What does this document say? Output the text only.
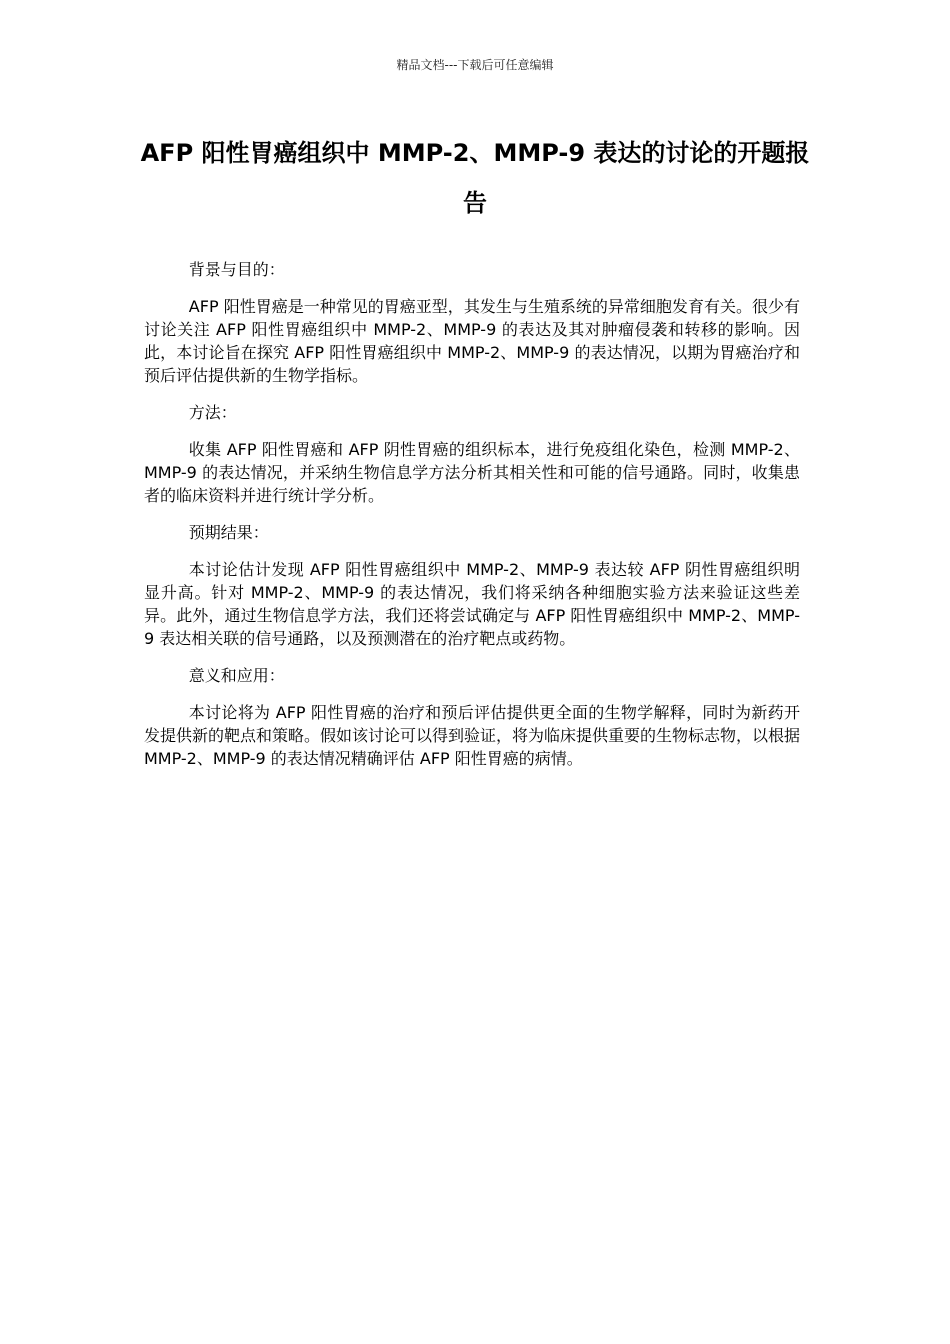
精品文档---下载后可任意编辑
AFP 阳性胃癌组织中 MMP-2、MMP-9 表达的讨论的开题报告

背景与目的：

AFP 阳性胃癌是一种常见的胃癌亚型，其发生与生殖系统的异常细胞发育有关。很少有讨论关注 AFP 阳性胃癌组织中 MMP-2、MMP-9 的表达及其对肿瘤侵袭和转移的影响。因此，本讨论旨在探究 AFP 阳性胃癌组织中 MMP-2、MMP-9 的表达情况，以期为胃癌治疗和预后评估提供新的生物学指标。

方法：

收集 AFP 阳性胃癌和 AFP 阴性胃癌的组织标本，进行免疫组化染色，检测 MMP-2、MMP-9 的表达情况，并采纳生物信息学方法分析其相关性和可能的信号通路。同时，收集患者的临床资料并进行统计学分析。

预期结果：

本讨论估计发现 AFP 阳性胃癌组织中 MMP-2、MMP-9 表达较 AFP 阴性胃癌组织明显升高。针对 MMP-2、MMP-9 的表达情况，我们将采纳各种细胞实验方法来验证这些差异。此外，通过生物信息学方法，我们还将尝试确定与 AFP 阳性胃癌组织中 MMP-2、MMP-9 表达相关联的信号通路，以及预测潜在的治疗靶点或药物。

意义和应用：

本讨论将为 AFP 阳性胃癌的治疗和预后评估提供更全面的生物学解释，同时为新药开发提供新的靶点和策略。假如该讨论可以得到验证，将为临床提供重要的生物标志物，以根据 MMP-2、MMP-9 的表达情况精确评估 AFP 阳性胃癌的病情。
